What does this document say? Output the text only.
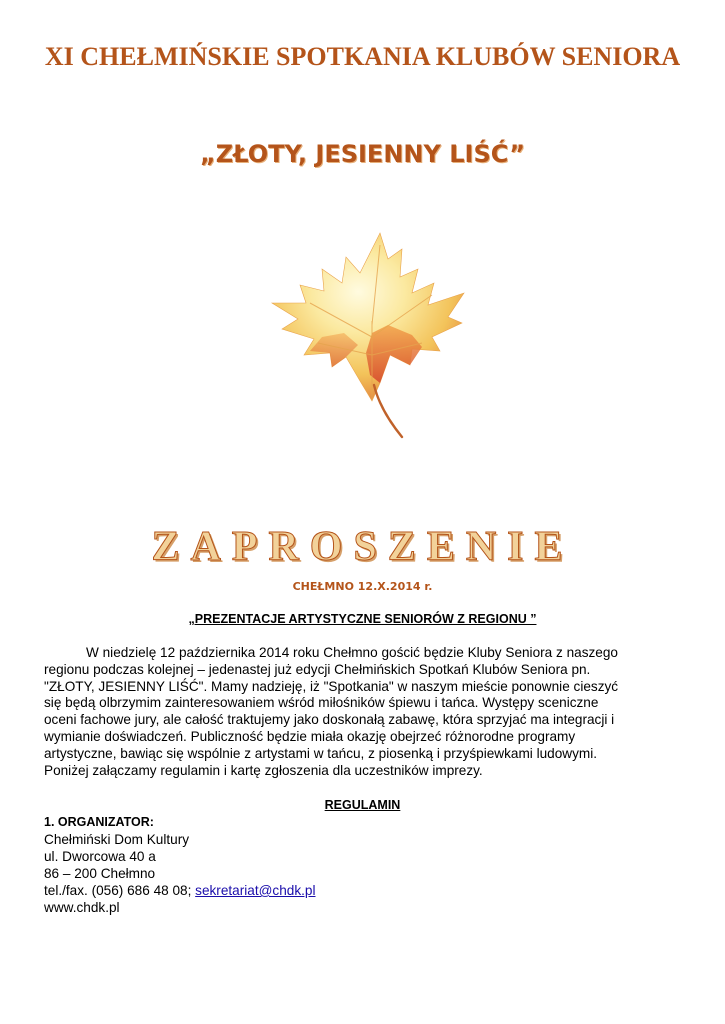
XI CHEŁMIŃSKIE SPOTKANIA KLUBÓW SENIORA
„ZŁOTY, JESIENNY LIŚĆ”
ZAPROSZENIE
CHEŁMNO 12.X.2014 r.
„PREZENTACJE ARTYSTYCZNE SENIORÓW Z REGIONU ”
W niedzielę 12 października 2014 roku Chełmno gościć będzie Kluby Seniora z naszego
regionu podczas kolejnej – jedenastej już edycji Chełmińskich Spotkań Klubów Seniora pn.
"ZŁOTY, JESIENNY LIŚĆ". Mamy nadzieję, iż "Spotkania" w naszym mieście ponownie cieszyć
się będą olbrzymim zainteresowaniem wśród miłośników śpiewu i tańca. Występy sceniczne
oceni fachowe jury, ale całość traktujemy jako doskonałą zabawę, która sprzyjać ma integracji i
wymianie doświadczeń. Publiczność będzie miała okazję obejrzeć różnorodne programy
artystyczne, bawiąc się wspólnie z artystami w tańcu, z piosenką i przyśpiewkami ludowymi.
Poniżej załączamy regulamin i kartę zgłoszenia dla uczestników imprezy.
REGULAMIN
1. ORGANIZATOR:
Chełmiński Dom Kultury
ul. Dworcowa 40 a
86 – 200 Chełmno
tel./fax. (056) 686 48 08; sekretariat@chdk.pl
www.chdk.pl
